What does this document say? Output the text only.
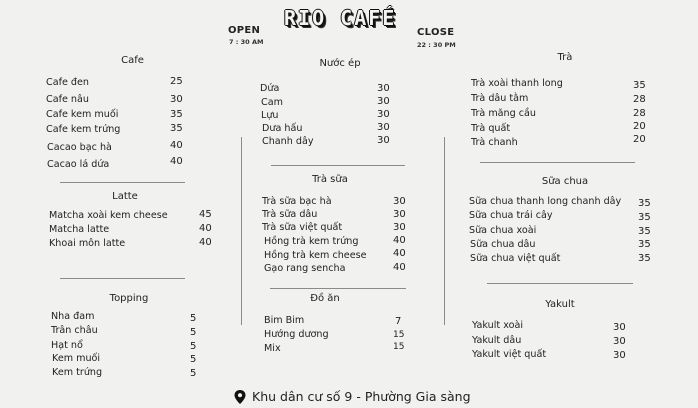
RIO CAFÉ
OPEN
7 : 30 AM
CLOSE
22 : 30 PM
Cafe
Cafe đen	25
Cafe nâu	30
Cafe kem muối	35
Cafe kem trứng	35
Cacao bạc hà	40
Cacao lá dứa	40
Latte
Matcha xoài kem cheese	45
Matcha latte	40
Khoai môn latte	40
Topping
Nha đam	5
Trân châu	5
Hạt nổ	5
Kem muối	5
Kem trứng	5
Nước ép
Dứa	30
Cam	30
Lựu	30
Dưa hấu	30
Chanh dây	30
Trà sữa
Trà sữa bạc hà	30
Trà sữa dâu	30
Trà sữa việt quất	30
Hồng trà kem trứng	40
Hồng trà kem cheese	40
Gạo rang sencha	40
Đồ ăn
Bim Bim	7
Hướng dương	15
Mix	15
Trà
Trà xoài thanh long	35
Trà dâu tằm	28
Trà măng cầu	28
Trà quất	20
Trà chanh	20
Sữa chua
Sữa chua thanh long chanh dây 35
Sữa chua trái cây	35
Sữa chua xoài	35
Sữa chua dâu	35
Sữa chua việt quất	35
Yakult
Yakult xoài	30
Yakult dâu	30
Yakult việt quất	30
Khu dân cư số 9 - Phường Gia sàng
